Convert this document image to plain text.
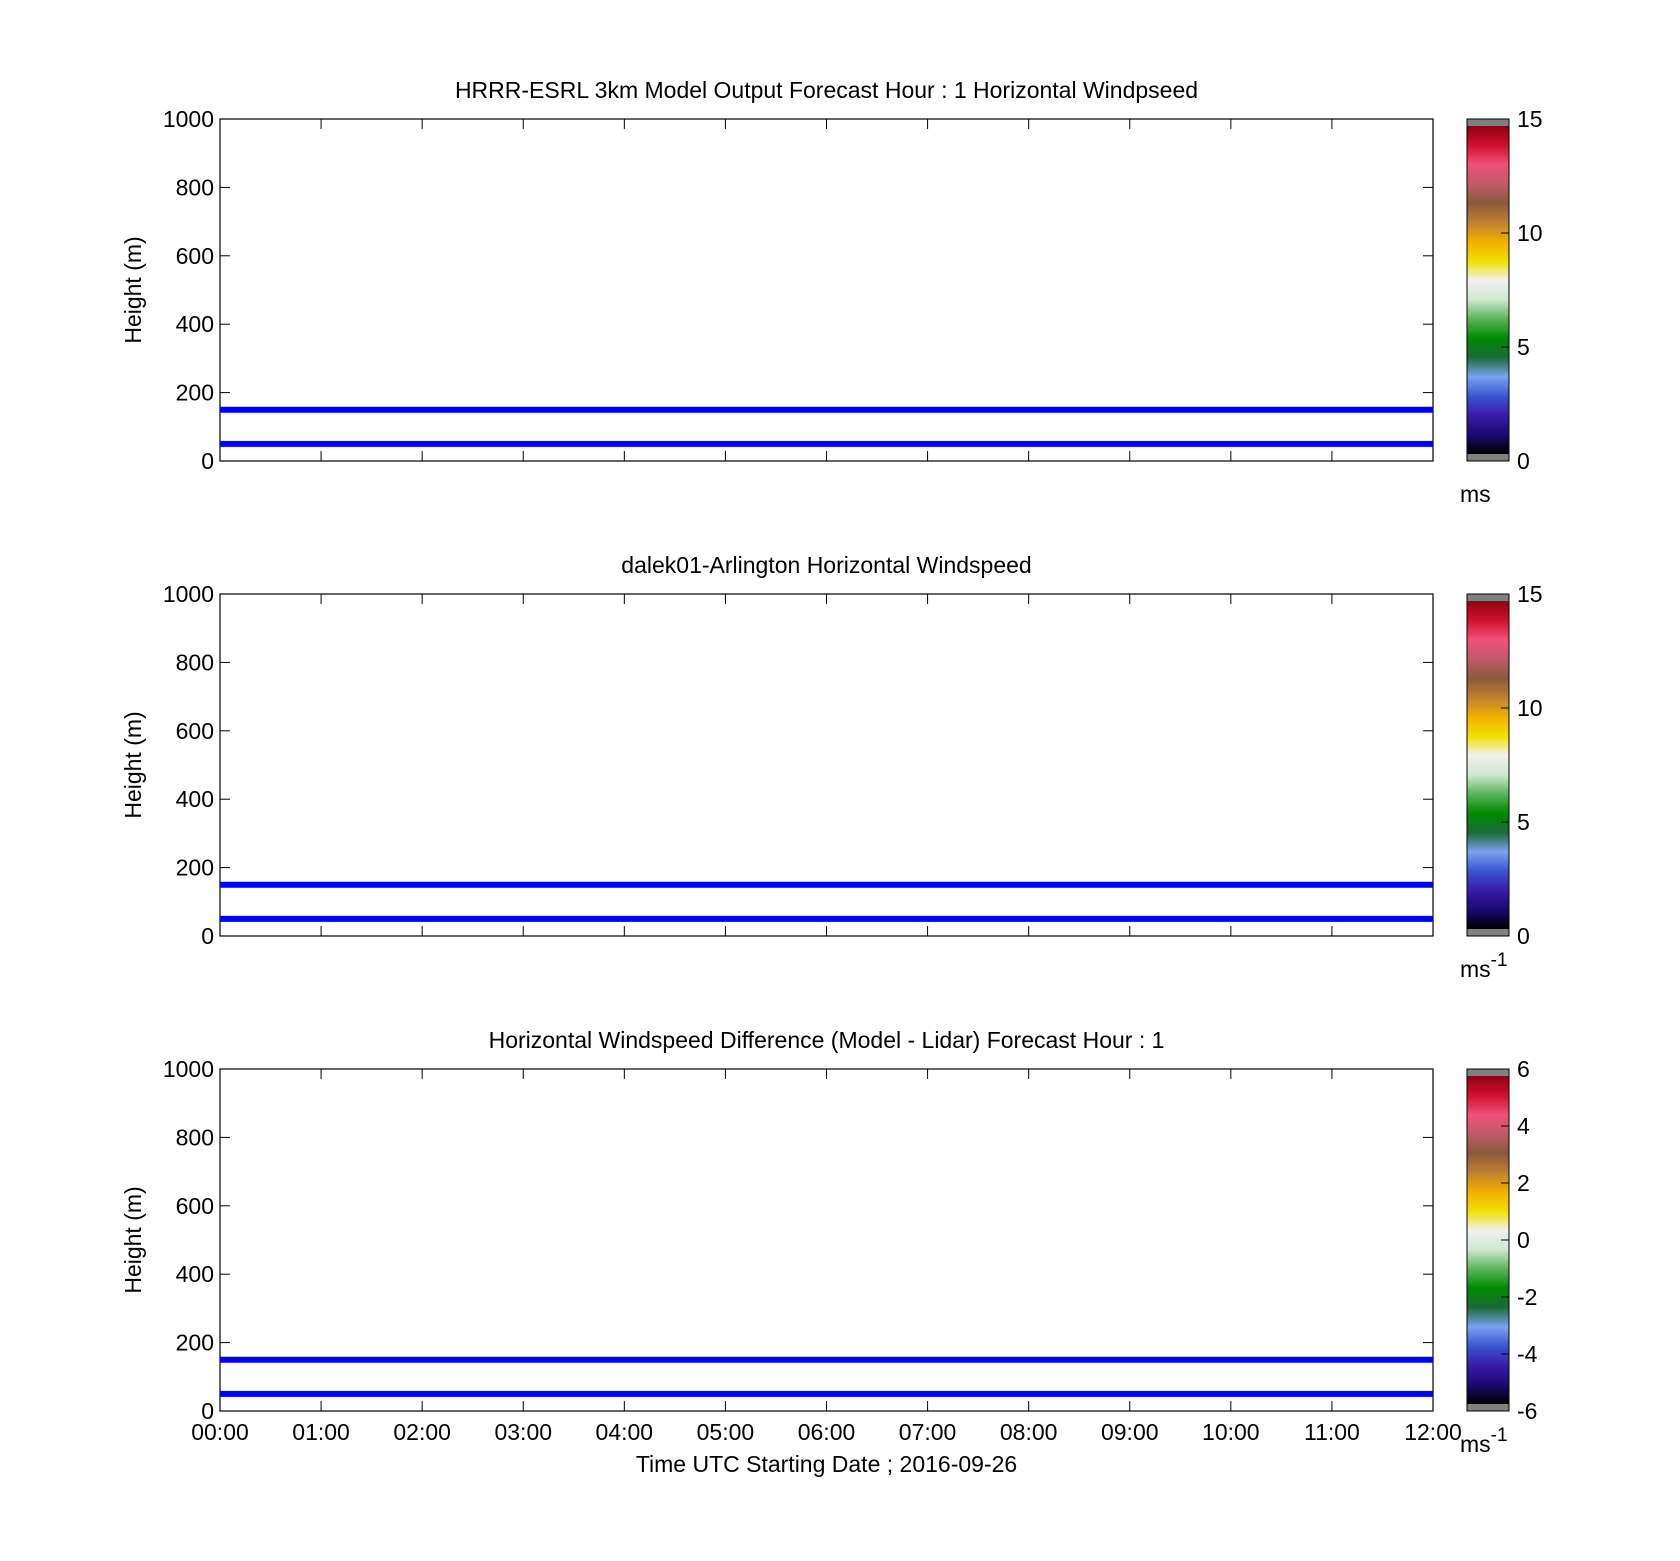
HRRR-ESRL 3km Model Output Forecast Hour : 1 Horizontal Windpseed
0
200
400
600
800
1000
Height (m)
0
5
10
15
ms
dalek01-Arlington Horizontal Windspeed
0
200
400
600
800
1000
Height (m)
0
5
10
15
$ms^{-1}$
Horizontal Windspeed Difference (Model - Lidar) Forecast Hour : 1
0
200
400
600
800
1000
00:00 01:00 02:00 03:00 04:00 05:00 06:00 07:00 08:00 09:00 10:00 11:00 12:00
Height (m)
Time UTC Starting Date ; 2016-09-26
-6
-4
-2
0
2
4
6
$ms^{-1}$
